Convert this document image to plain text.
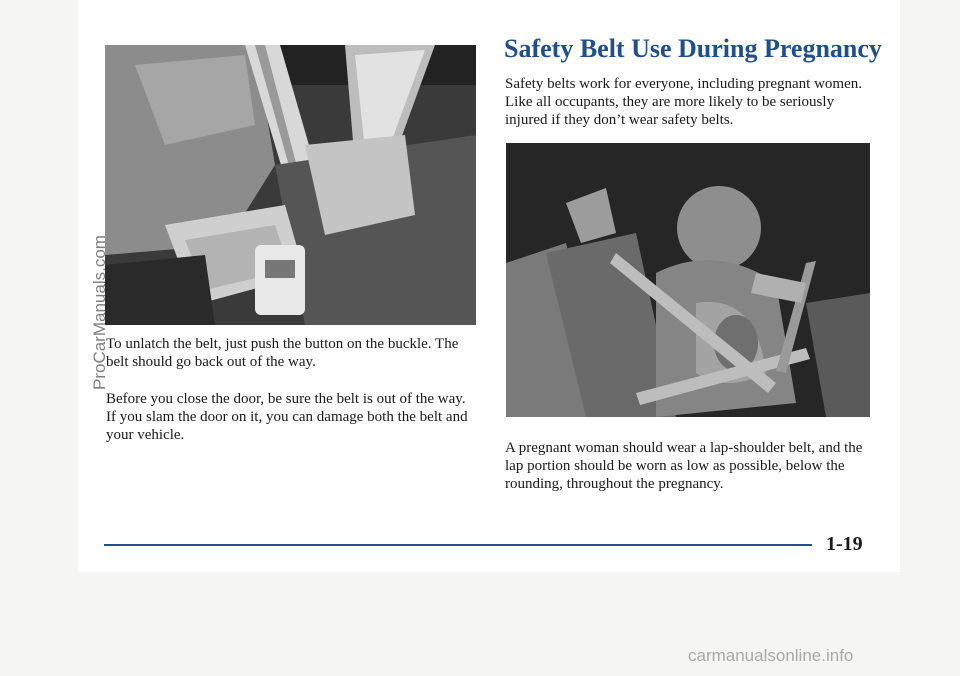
Safety Belt Use During Pregnancy

Safety belts work for everyone, including pregnant women. Like all occupants, they are more likely to be seriously injured if they don’t wear safety belts.

To unlatch the belt, just push the button on the buckle. The belt should go back out of the way.

Before you close the door, be sure the belt is out of the way. If you slam the door on it, you can damage both the belt and your vehicle.

A pregnant woman should wear a lap-shoulder belt, and the lap portion should be worn as low as possible, below the rounding, throughout the pregnancy.

1-19

ProCarManuals.com

carmanualsonline.info
